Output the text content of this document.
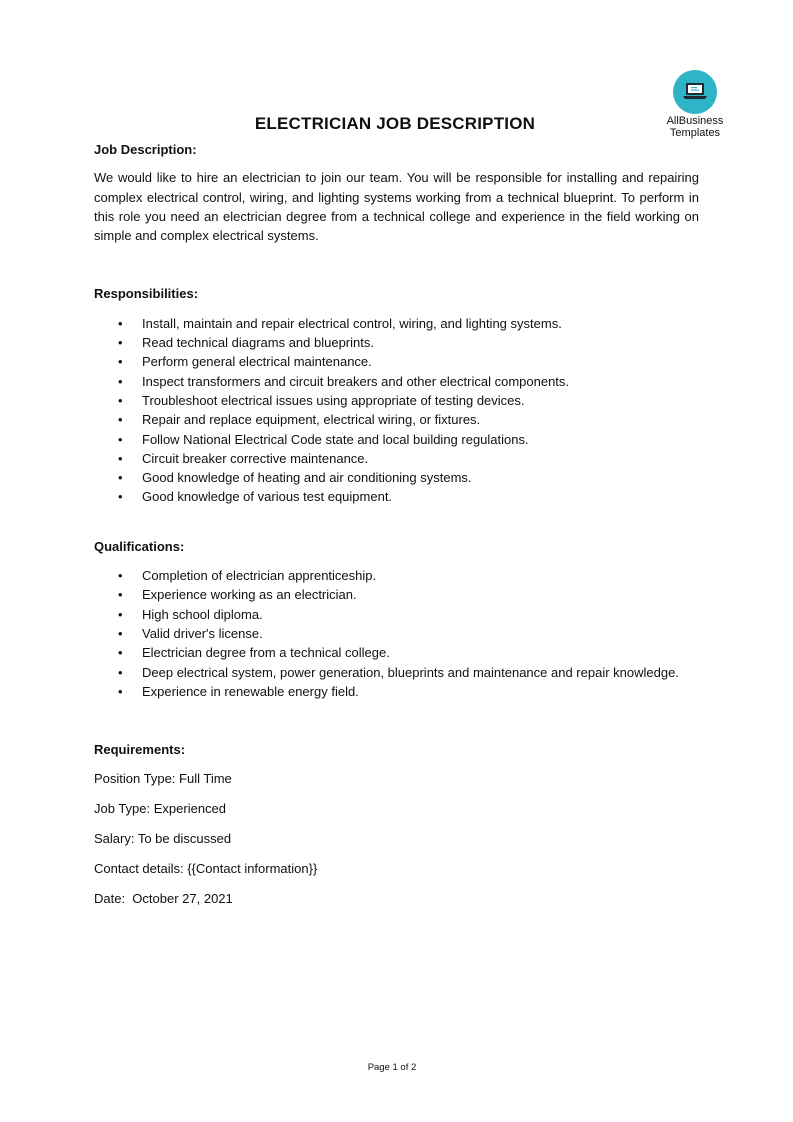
AllBusiness
Templates
ELECTRICIAN JOB DESCRIPTION

Job Description:

We would like to hire an electrician to join our team. You will be responsible for installing and repairing complex electrical control, wiring, and lighting systems working from a technical blueprint. To perform in this role you need an electrician degree from a technical college and experience in the field working on simple and complex electrical systems.

Responsibilities:

• Install, maintain and repair electrical control, wiring, and lighting systems.
• Read technical diagrams and blueprints.
• Perform general electrical maintenance.
• Inspect transformers and circuit breakers and other electrical components.
• Troubleshoot electrical issues using appropriate of testing devices.
• Repair and replace equipment, electrical wiring, or fixtures.
• Follow National Electrical Code state and local building regulations.
• Circuit breaker corrective maintenance.
• Good knowledge of heating and air conditioning systems.
• Good knowledge of various test equipment.

Qualifications:

• Completion of electrician apprenticeship.
• Experience working as an electrician.
• High school diploma.
• Valid driver's license.
• Electrician degree from a technical college.
• Deep electrical system, power generation, blueprints and maintenance and repair knowledge.
• Experience in renewable energy field.

Requirements:

Position Type: Full Time

Job Type: Experienced

Salary: To be discussed

Contact details: {{Contact information}}

Date:  October 27, 2021

Page 1 of 2
